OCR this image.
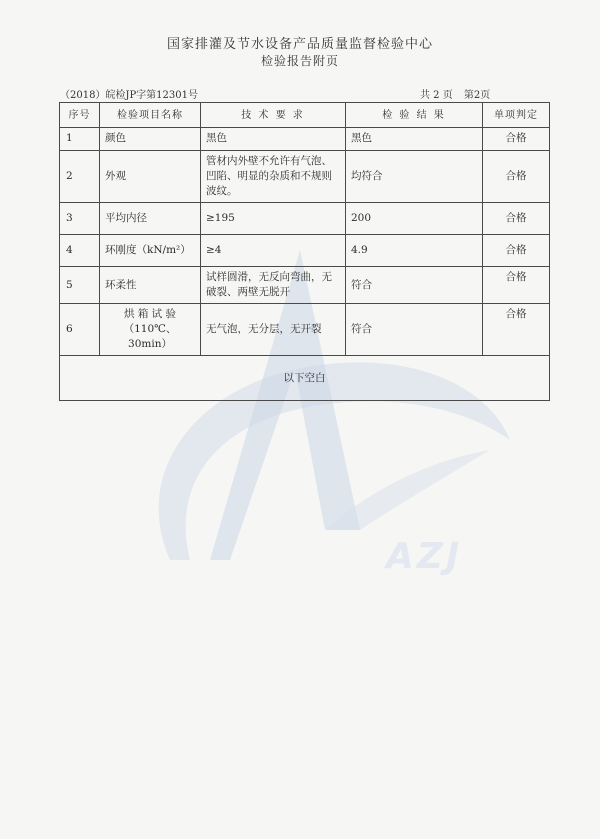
AZJ
国家排灌及节水设备产品质量监督检验中心
检验报告附页
（2018）皖检JP字第12301号	共 2 页 第2页
序号	检验项目名称	技 术 要 求	检 验 结 果	单项判定
1	颜色	黑色	黑色	合格
2	外观	管材内外壁不允许有气泡、凹陷、明显的杂质和不规则波纹。	均符合	合格
3	平均内径	≥195	200	合格
4	环刚度（kN/m²）	≥4	4.9	合格
5	环柔性	试样圆滑，无反向弯曲，无破裂、两壁无脱开	符合	合格
6	烘 箱 试 验（110℃、30min）	无气泡，无分层，无开裂	符合	合格
以下空白				
